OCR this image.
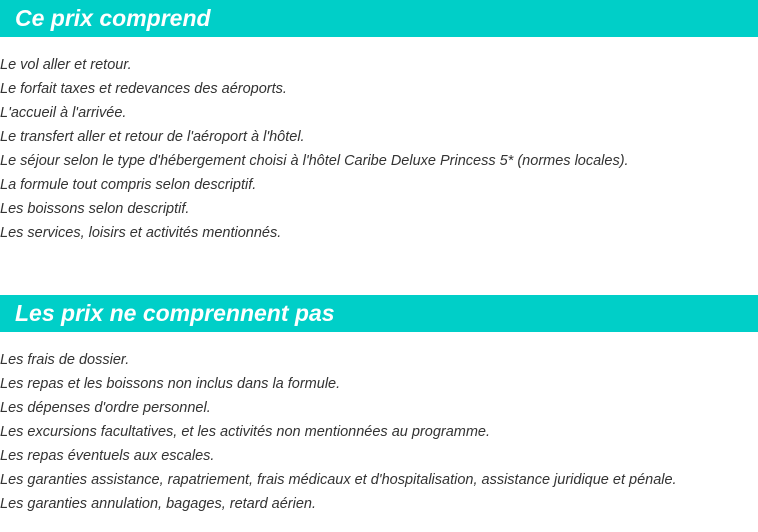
Ce prix comprend
Le vol aller et retour.
Le forfait taxes et redevances des aéroports.
L'accueil à l'arrivée.
Le transfert aller et retour de l'aéroport à l'hôtel.
Le séjour selon le type d'hébergement choisi à l'hôtel Caribe Deluxe Princess 5* (normes locales).
La formule tout compris selon descriptif.
Les boissons selon descriptif.
Les services, loisirs et activités mentionnés.
Les prix ne comprennent pas
Les frais de dossier.
Les repas et les boissons non inclus dans la formule.
Les dépenses d'ordre personnel.
Les excursions facultatives, et les activités non mentionnées au programme.
Les repas éventuels aux escales.
Les garanties assistance, rapatriement, frais médicaux et d'hospitalisation, assistance juridique et pénale.
Les garanties annulation, bagages, retard aérien.
